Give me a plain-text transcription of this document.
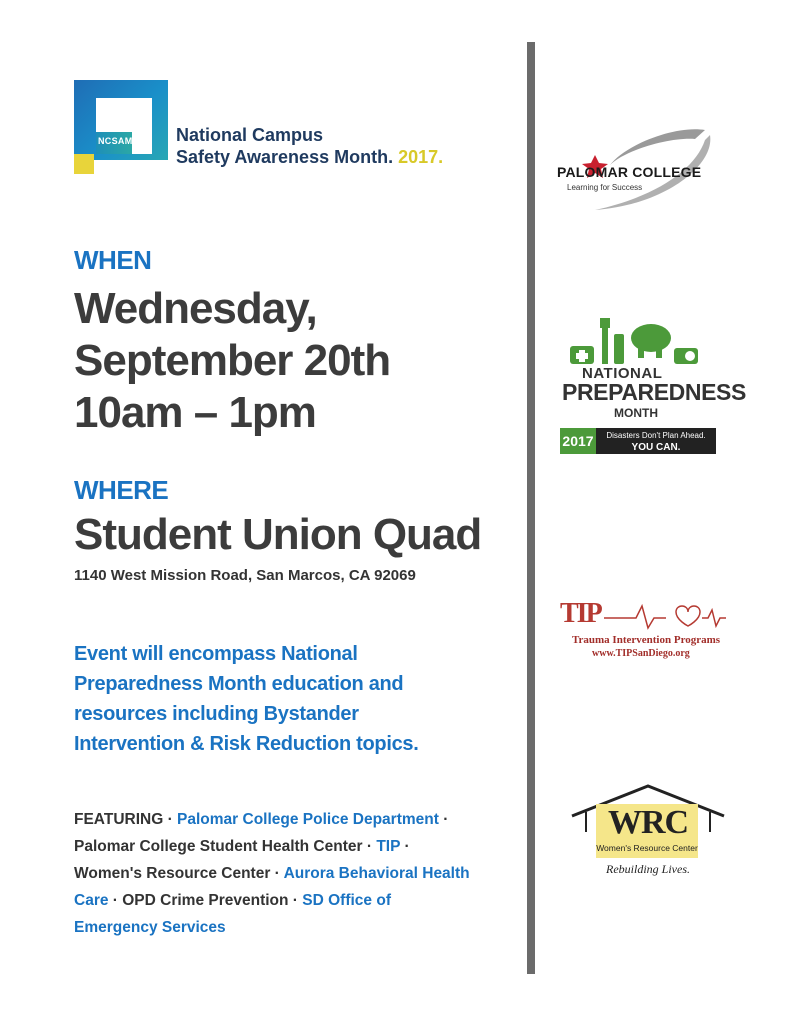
NCSAM. National Campus
Safety Awareness Month. 2017.
WHEN
Wednesday,
September 20th
10am – 1pm
WHERE
Student Union Quad
1140 West Mission Road, San Marcos, CA 92069
Event will encompass National Preparedness Month education and resources including Bystander Intervention & Risk Reduction topics.
FEATURING · Palomar College Police Department · Palomar College Student Health Center · TIP · Women's Resource Center · Aurora Behavioral Health Care · OPD Crime Prevention · SD Office of Emergency Services
PALOMAR COLLEGE
Learning for Success
NATIONAL
PREPAREDNESS
MONTH
2017	Disasters Don't Plan Ahead.
YOU CAN.
TIP
Trauma Intervention Programs
www.TIPSanDiego.org
WRC
Women's Resource Center
Rebuilding Lives.
